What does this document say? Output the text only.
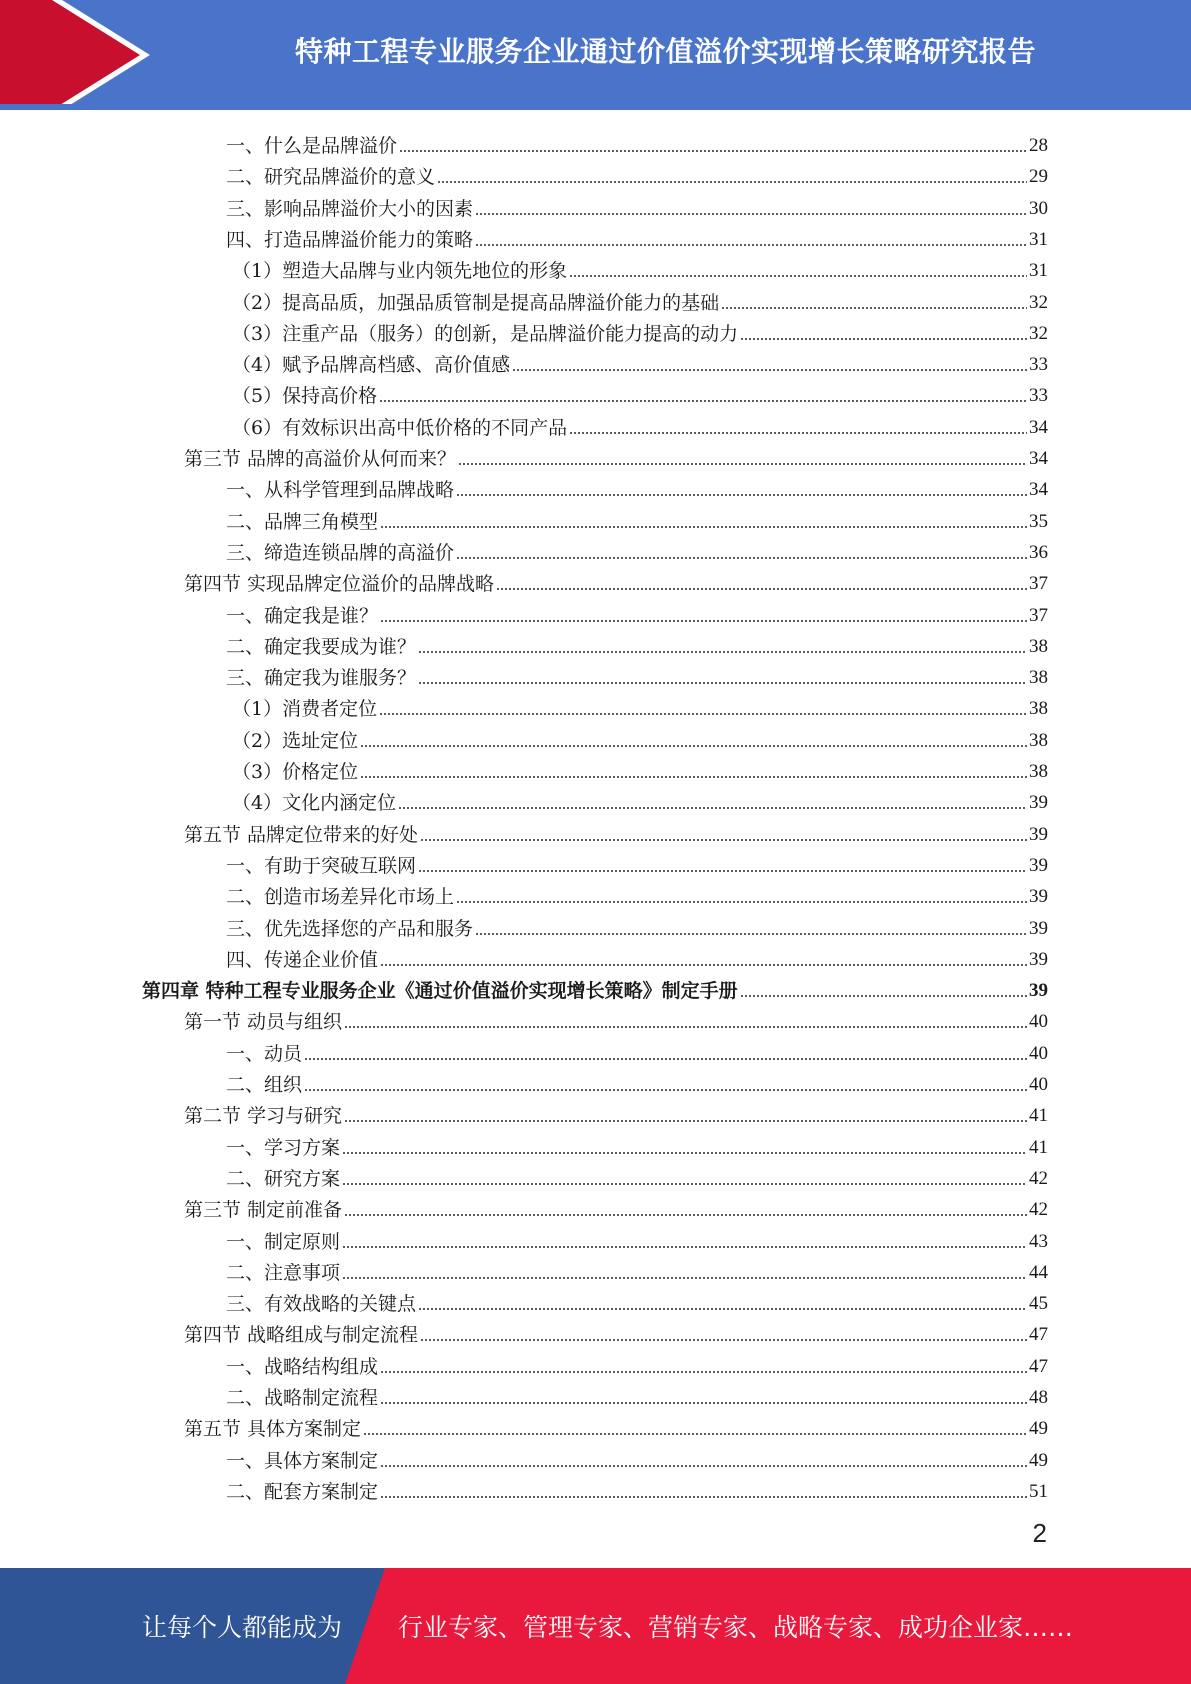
特种工程专业服务企业通过价值溢价实现增长策略研究报告
一、什么是品牌溢价	28
二、研究品牌溢价的意义	29
三、影响品牌溢价大小的因素	30
四、打造品牌溢价能力的策略	31
（1）塑造大品牌与业内领先地位的形象	31
（2）提高品质，加强品质管制是提高品牌溢价能力的基础	32
（3）注重产品（服务）的创新，是品牌溢价能力提高的动力	32
（4）赋予品牌高档感、高价值感	33
（5）保持高价格	33
（6）有效标识出高中低价格的不同产品	34
第三节 品牌的高溢价从何而来？	34
一、从科学管理到品牌战略	34
二、品牌三角模型	35
三、缔造连锁品牌的高溢价	36
第四节 实现品牌定位溢价的品牌战略	37
一、确定我是谁？	37
二、确定我要成为谁？	38
三、确定我为谁服务？	38
（1）消费者定位	38
（2）选址定位	38
（3）价格定位	38
（4）文化内涵定位	39
第五节 品牌定位带来的好处	39
一、有助于突破互联网	39
二、创造市场差异化市场上	39
三、优先选择您的产品和服务	39
四、传递企业价值	39
第四章 特种工程专业服务企业《通过价值溢价实现增长策略》制定手册	39
第一节 动员与组织	40
一、动员	40
二、组织	40
第二节 学习与研究	41
一、学习方案	41
二、研究方案	42
第三节 制定前准备	42
一、制定原则	43
二、注意事项	44
三、有效战略的关键点	45
第四节 战略组成与制定流程	47
一、战略结构组成	47
二、战略制定流程	48
第五节 具体方案制定	49
一、具体方案制定	49
二、配套方案制定	51
2
让每个人都能成为 行业专家、管理专家、营销专家、战略专家、成功企业家……
